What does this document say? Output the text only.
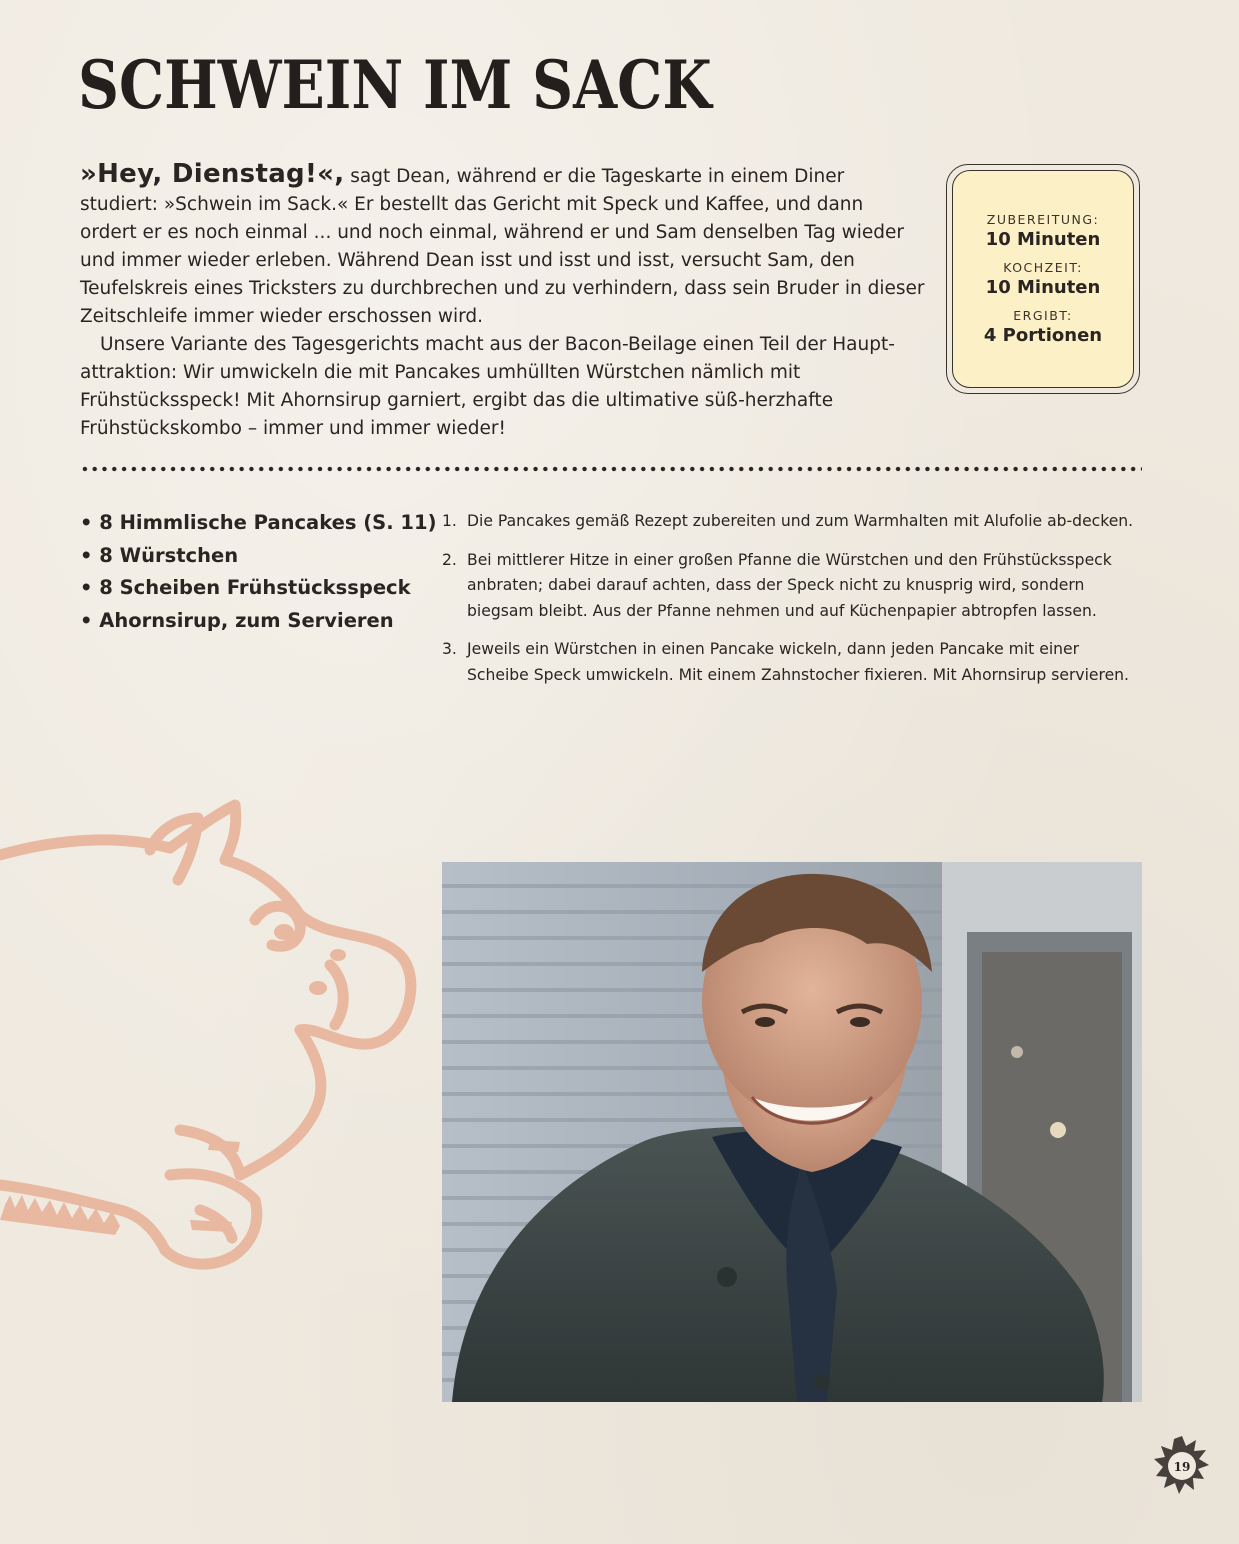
SCHWEIN IM SACK

»Hey, Dienstag!«, sagt Dean, während er die Tageskarte in einem Diner studiert: »Schwein im Sack.« Er bestellt das Gericht mit Speck und Kaffee, und dann ordert er es noch einmal ... und noch einmal, während er und Sam denselben Tag wieder und immer wieder erleben. Während Dean isst und isst und isst, versucht Sam, den Teufelskreis eines Tricksters zu durchbrechen und zu verhindern, dass sein Bruder in dieser Zeitschleife immer wieder erschossen wird.

Unsere Variante des Tagesgerichts macht aus der Bacon-Beilage einen Teil der Haupt-attraktion: Wir umwickeln die mit Pancakes umhüllten Würstchen nämlich mit Frühstücksspeck! Mit Ahornsirup garniert, ergibt das die ultimative süß-herzhafte Frühstückskombo – immer und immer wieder!

ZUBEREITUNG:
10 Minuten
KOCHZEIT:
10 Minuten
ERGIBT:
4 Portionen
• 8 Himmlische Pancakes (S. 11)
• 8 Würstchen
• 8 Scheiben Frühstücksspeck
• Ahornsirup, zum Servieren
1. Die Pancakes gemäß Rezept zubereiten und zum Warmhalten mit Alufolie ab-decken.
2. Bei mittlerer Hitze in einer großen Pfanne die Würstchen und den Frühstücksspeck anbraten; dabei darauf achten, dass der Speck nicht zu knusprig wird, sondern biegsam bleibt. Aus der Pfanne nehmen und auf Küchenpapier abtropfen lassen.
3. Jeweils ein Würstchen in einen Pancake wickeln, dann jeden Pancake mit einer Scheibe Speck umwickeln. Mit einem Zahnstocher fixieren. Mit Ahornsirup servieren.
19
